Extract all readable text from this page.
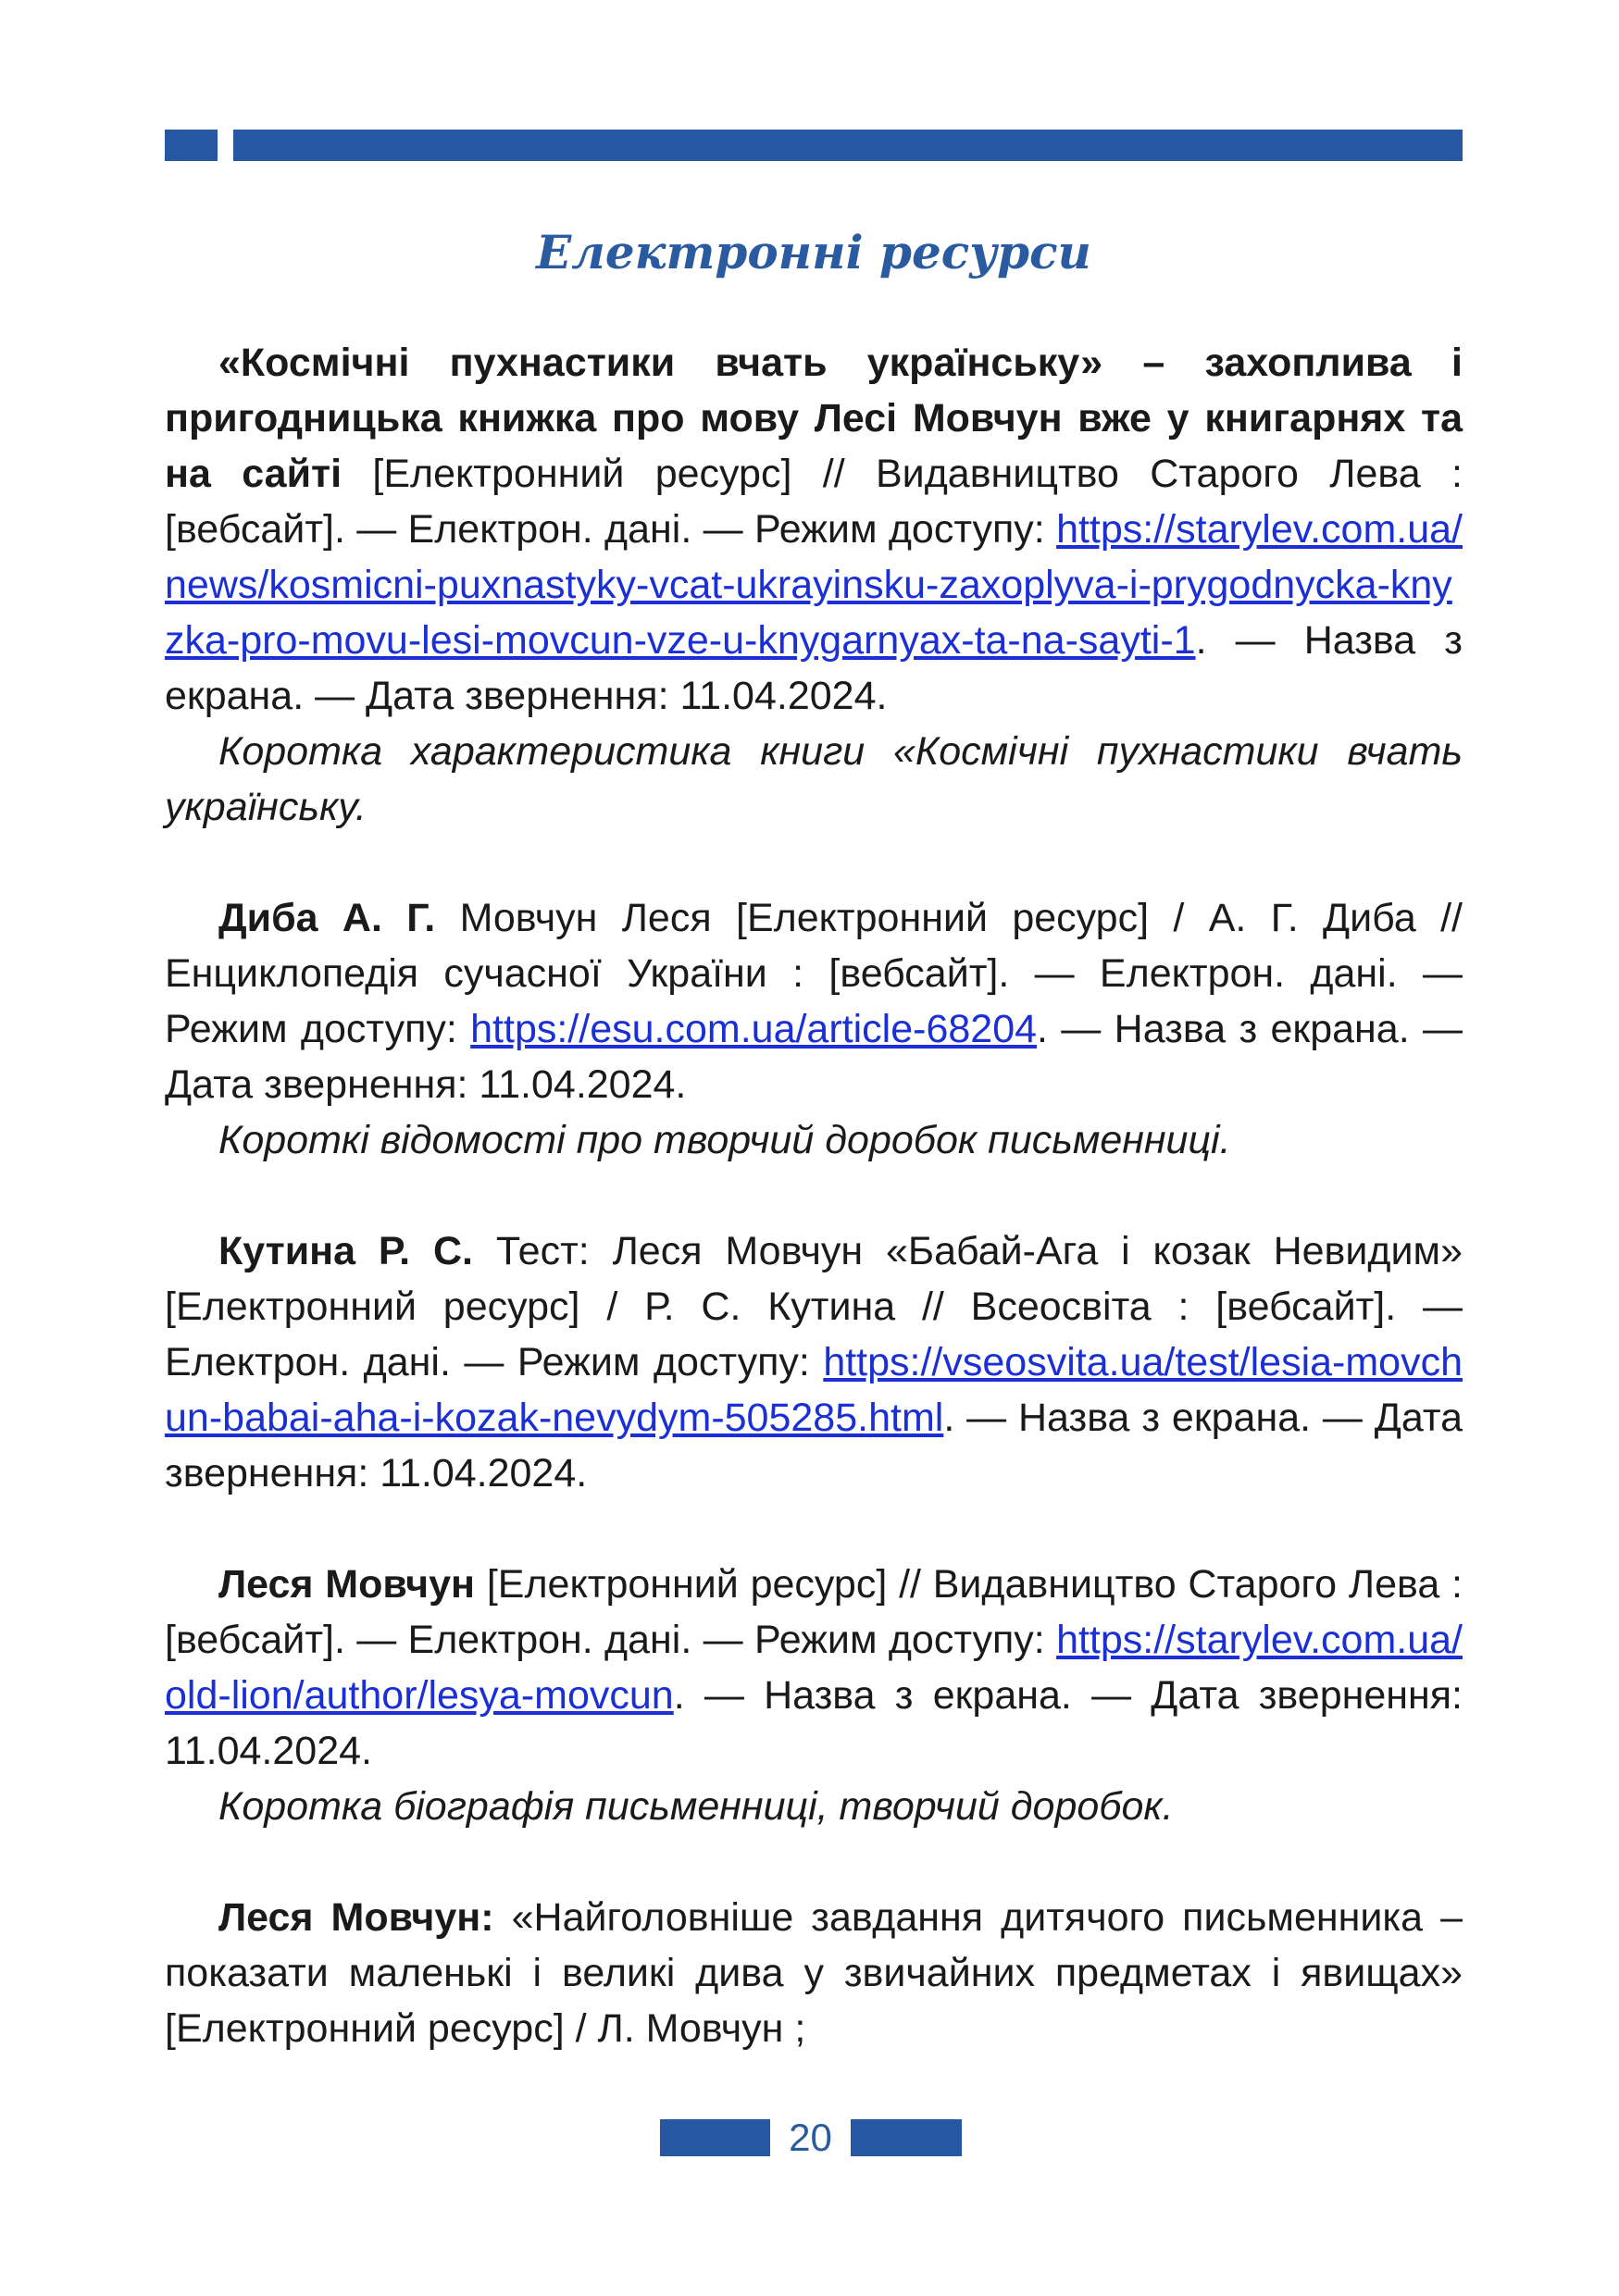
Електронні ресурси

«Космічні пухнастики вчать українську» – захоплива і пригодницька книжка про мову Лесі Мовчун вже у книгарнях та на сайті [Електронний ресурс] // Видавництво Старого Лева : [вебсайт]. — Електрон. дані. — Режим доступу: https://starylev.com.ua/news/kosmicni-puxnastyky-vcat-ukrayinsku-zaxoplyva-i-prygodnycka-knyzka-pro-movu-lesi-movcun-vze-u-knygarnyax-ta-na-sayti-1. — Назва з екрана. — Дата звернення: 11.04.2024.

Коротка характеристика книги «Космічні пухнастики вчать українську.

Диба А. Г. Мовчун Леся [Електронний ресурс] / А. Г. Диба // Енциклопедія сучасної України : [вебсайт]. — Електрон. дані. — Режим доступу: https://esu.com.ua/article-68204. — Назва з екрана. — Дата звернення: 11.04.2024.

Короткі відомості про творчий доробок письменниці.

Кутина Р. С. Тест: Леся Мовчун «Бабай-Ага і козак Невидим» [Електронний ресурс] / Р. С. Кутина // Всеосвіта : [вебсайт]. — Електрон. дані. — Режим доступу: https://vseosvita.ua/test/lesia-movchun-babai-aha-i-kozak-nevydym-505285.html. — Назва з екрана. — Дата звернення: 11.04.2024.

Леся Мовчун [Електронний ресурс] // Видавництво Старого Лева : [вебсайт]. — Електрон. дані. — Режим доступу: https://starylev.com.ua/old-lion/author/lesya-movcun. — Назва з екрана. — Дата звернення: 11.04.2024.

Коротка біографія письменниці, творчий доробок.

Леся Мовчун: «Найголовніше завдання дитячого письменника – показати маленькі і великі дива у звичайних предметах і явищах» [Електронний ресурс] / Л. Мовчун ;

20
